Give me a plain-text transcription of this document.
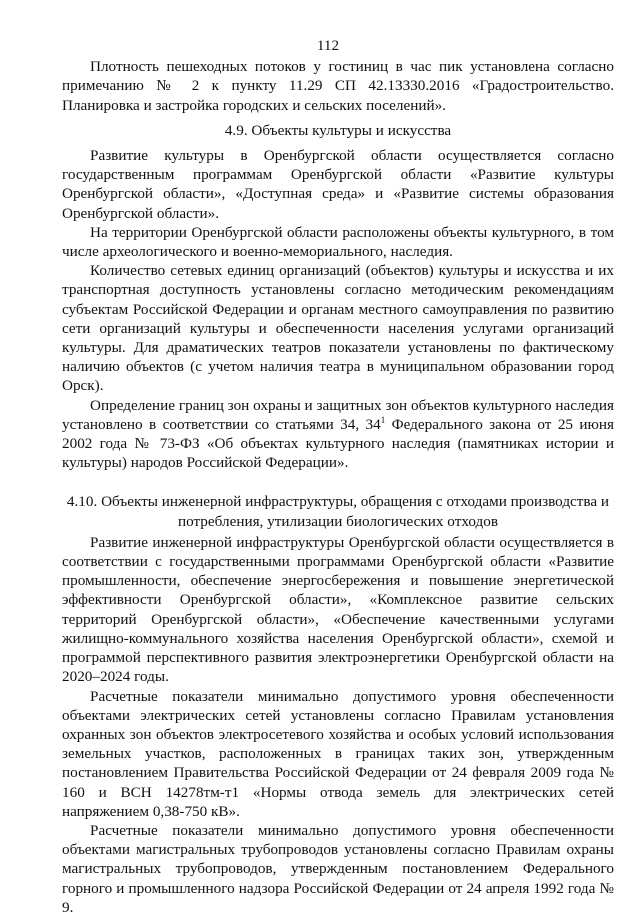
112

Плотность пешеходных потоков у гостиниц в час пик установлена согласно примечанию № 2 к пункту 11.29 СП 42.13330.2016 «Градостроительство. Планировка и застройка городских и сельских поселений».

4.9. Объекты культуры и искусства

Развитие культуры в Оренбургской области осуществляется согласно государственным программам Оренбургской области «Развитие культуры Оренбургской области», «Доступная среда» и «Развитие системы образования Оренбургской области».

На территории Оренбургской области расположены объекты культурного, в том числе археологического и военно-мемориального, наследия.

Количество сетевых единиц организаций (объектов) культуры и искусства и их транспортная доступность установлены согласно методическим рекомендациям субъектам Российской Федерации и органам местного самоуправления по развитию сети организаций культуры и обеспеченности населения услугами организаций культуры. Для драматических театров показатели установлены по фактическому наличию объектов (с учетом наличия театра в муниципальном образовании город Орск).

Определение границ зон охраны и защитных зон объектов культурного наследия установлено в соответствии со статьями 34, $34^1$ Федерального закона от 25 июня 2002 года № 73-ФЗ «Об объектах культурного наследия (памятниках истории и культуры) народов Российской Федерации».

4.10. Объекты инженерной инфраструктуры, обращения с отходами производства и потребления, утилизации биологических отходов

Развитие инженерной инфраструктуры Оренбургской области осуществляется в соответствии с государственными программами Оренбургской области «Развитие промышленности, обеспечение энергосбережения и повышение энергетической эффективности Оренбургской области», «Комплексное развитие сельских территорий Оренбургской области», «Обеспечение качественными услугами жилищно-коммунального хозяйства населения Оренбургской области», схемой и программой перспективного развития электроэнергетики Оренбургской области на 2020–2024 годы.

Расчетные показатели минимально допустимого уровня обеспеченности объектами электрических сетей установлены согласно Правилам установления охранных зон объектов электросетевого хозяйства и особых условий использования земельных участков, расположенных в границах таких зон, утвержденным постановлением Правительства Российской Федерации от 24 февраля 2009 года № 160 и ВСН 14278тм-т1 «Нормы отвода земель для электрических сетей напряжением 0,38-750 кВ».

Расчетные показатели минимально допустимого уровня обеспеченности объектами магистральных трубопроводов установлены согласно Правилам охраны магистральных трубопроводов, утвержденным постановлением Федерального горного и промышленного надзора Российской Федерации от 24 апреля 1992 года № 9.
